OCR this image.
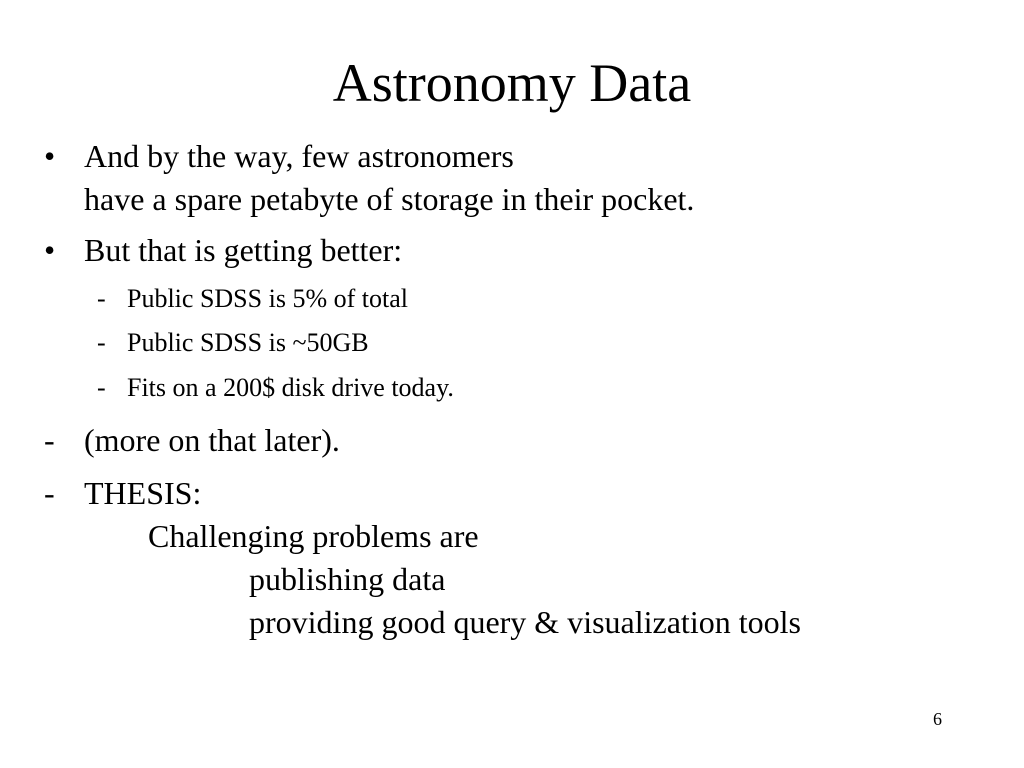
Astronomy Data
• And by the way, few astronomers
have a spare petabyte of storage in their pocket.
• But that is getting better:
- Public SDSS is 5% of total
- Public SDSS is ~50GB
- Fits on a 200$ disk drive today.
- (more on that later).
- THESIS:
Challenging problems are
publishing data
providing good query & visualization tools
6
